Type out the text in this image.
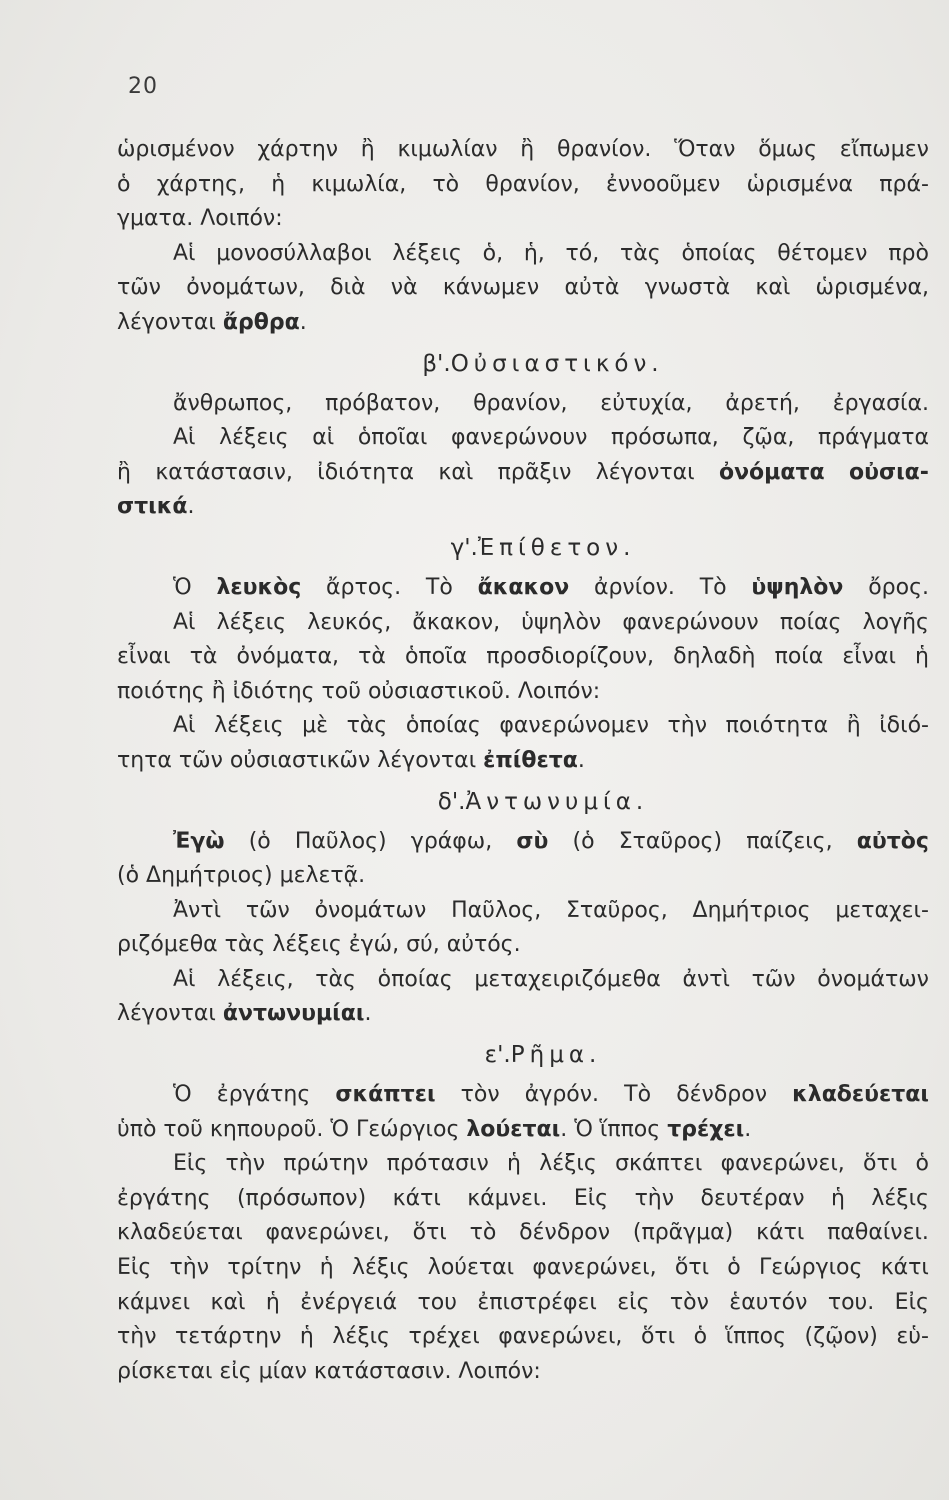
20
ὡρισμένον χάρτην ἢ κιμωλίαν ἢ θρανίον. Ὅταν ὅμως εἴπωμεν
ὁ χάρτης, ἡ κιμωλία, τὸ θρανίον, ἐννοοῦμεν ὡρισμένα πρά-
γματα. Λοιπόν:
Αἱ μονοσύλλαβοι λέξεις ὁ, ἡ, τό, τὰς ὁποίας θέτομεν πρὸ
τῶν ὀνομάτων, διὰ νὰ κάνωμεν αὐτὰ γνωστὰ καὶ ὡρισμένα,
λέγονται ἄρθρα .
β'. Οὐσιαστικόν.
ἄνθρωπος, πρόβατον, θρανίον, εὐτυχία, ἀρετή, ἐργασία.
Αἱ λέξεις αἱ ὁποῖαι φανερώνουν πρόσωπα, ζῷα, πράγματα
ἢ κατάστασιν, ἰδιότητα καὶ πρᾶξιν λέγονται ὀνόματα οὐσια-
στικά .
γ'. Ἐπίθετον.
Ὁ λευκὸς ἄρτος. Τὸ ἄκακον ἀρνίον. Τὸ ὑψηλὸν ὄρος.
Αἱ λέξεις λευκός, ἄκακον, ὑψηλὸν φανερώνουν ποίας λογῆς
εἶναι τὰ ὀνόματα, τὰ ὁποῖα προσδιορίζουν, δηλαδὴ ποία εἶναι ἡ
ποιότης ἢ ἰδιότης τοῦ οὐσιαστικοῦ. Λοιπόν:
Αἱ λέξεις μὲ τὰς ὁποίας φανερώνομεν τὴν ποιότητα ἢ ἰδιό-
τητα τῶν οὐσιαστικῶν λέγονται ἐπίθετα .
δ'. Ἀντωνυμία.
Ἐγὼ (ὁ Παῦλος) γράφω, σὺ (ὁ Σταῦρος) παίζεις, αὐτὸς
(ὁ Δημήτριος) μελετᾷ.
Ἀντὶ τῶν ὀνομάτων Παῦλος, Σταῦρος, Δημήτριος μεταχει-
ριζόμεθα τὰς λέξεις ἐγώ, σύ, αὐτός.
Αἱ λέξεις, τὰς ὁποίας μεταχειριζόμεθα ἀντὶ τῶν ὀνομάτων
λέγονται ἀντωνυμίαι .
ε'. Ρῆμα.
Ὁ ἐργάτης σκάπτει τὸν ἀγρόν. Τὸ δένδρον κλαδεύεται
ὑπὸ τοῦ κηπουροῦ. Ὁ Γεώργιος λούεται . Ὁ ἵππος τρέχει .
Εἰς τὴν πρώτην πρότασιν ἡ λέξις σκάπτει φανερώνει, ὅτι ὁ
ἐργάτης (πρόσωπον) κάτι κάμνει. Εἰς τὴν δευτέραν ἡ λέξις
κλαδεύεται φανερώνει, ὅτι τὸ δένδρον (πρᾶγμα) κάτι παθαίνει.
Εἰς τὴν τρίτην ἡ λέξις λούεται φανερώνει, ὅτι ὁ Γεώργιος κάτι
κάμνει καὶ ἡ ἐνέργειά του ἐπιστρέφει εἰς τὸν ἑαυτόν του. Εἰς
τὴν τετάρτην ἡ λέξις τρέχει φανερώνει, ὅτι ὁ ἵππος (ζῷον) εὑ-
ρίσκεται εἰς μίαν κατάστασιν. Λοιπόν:
